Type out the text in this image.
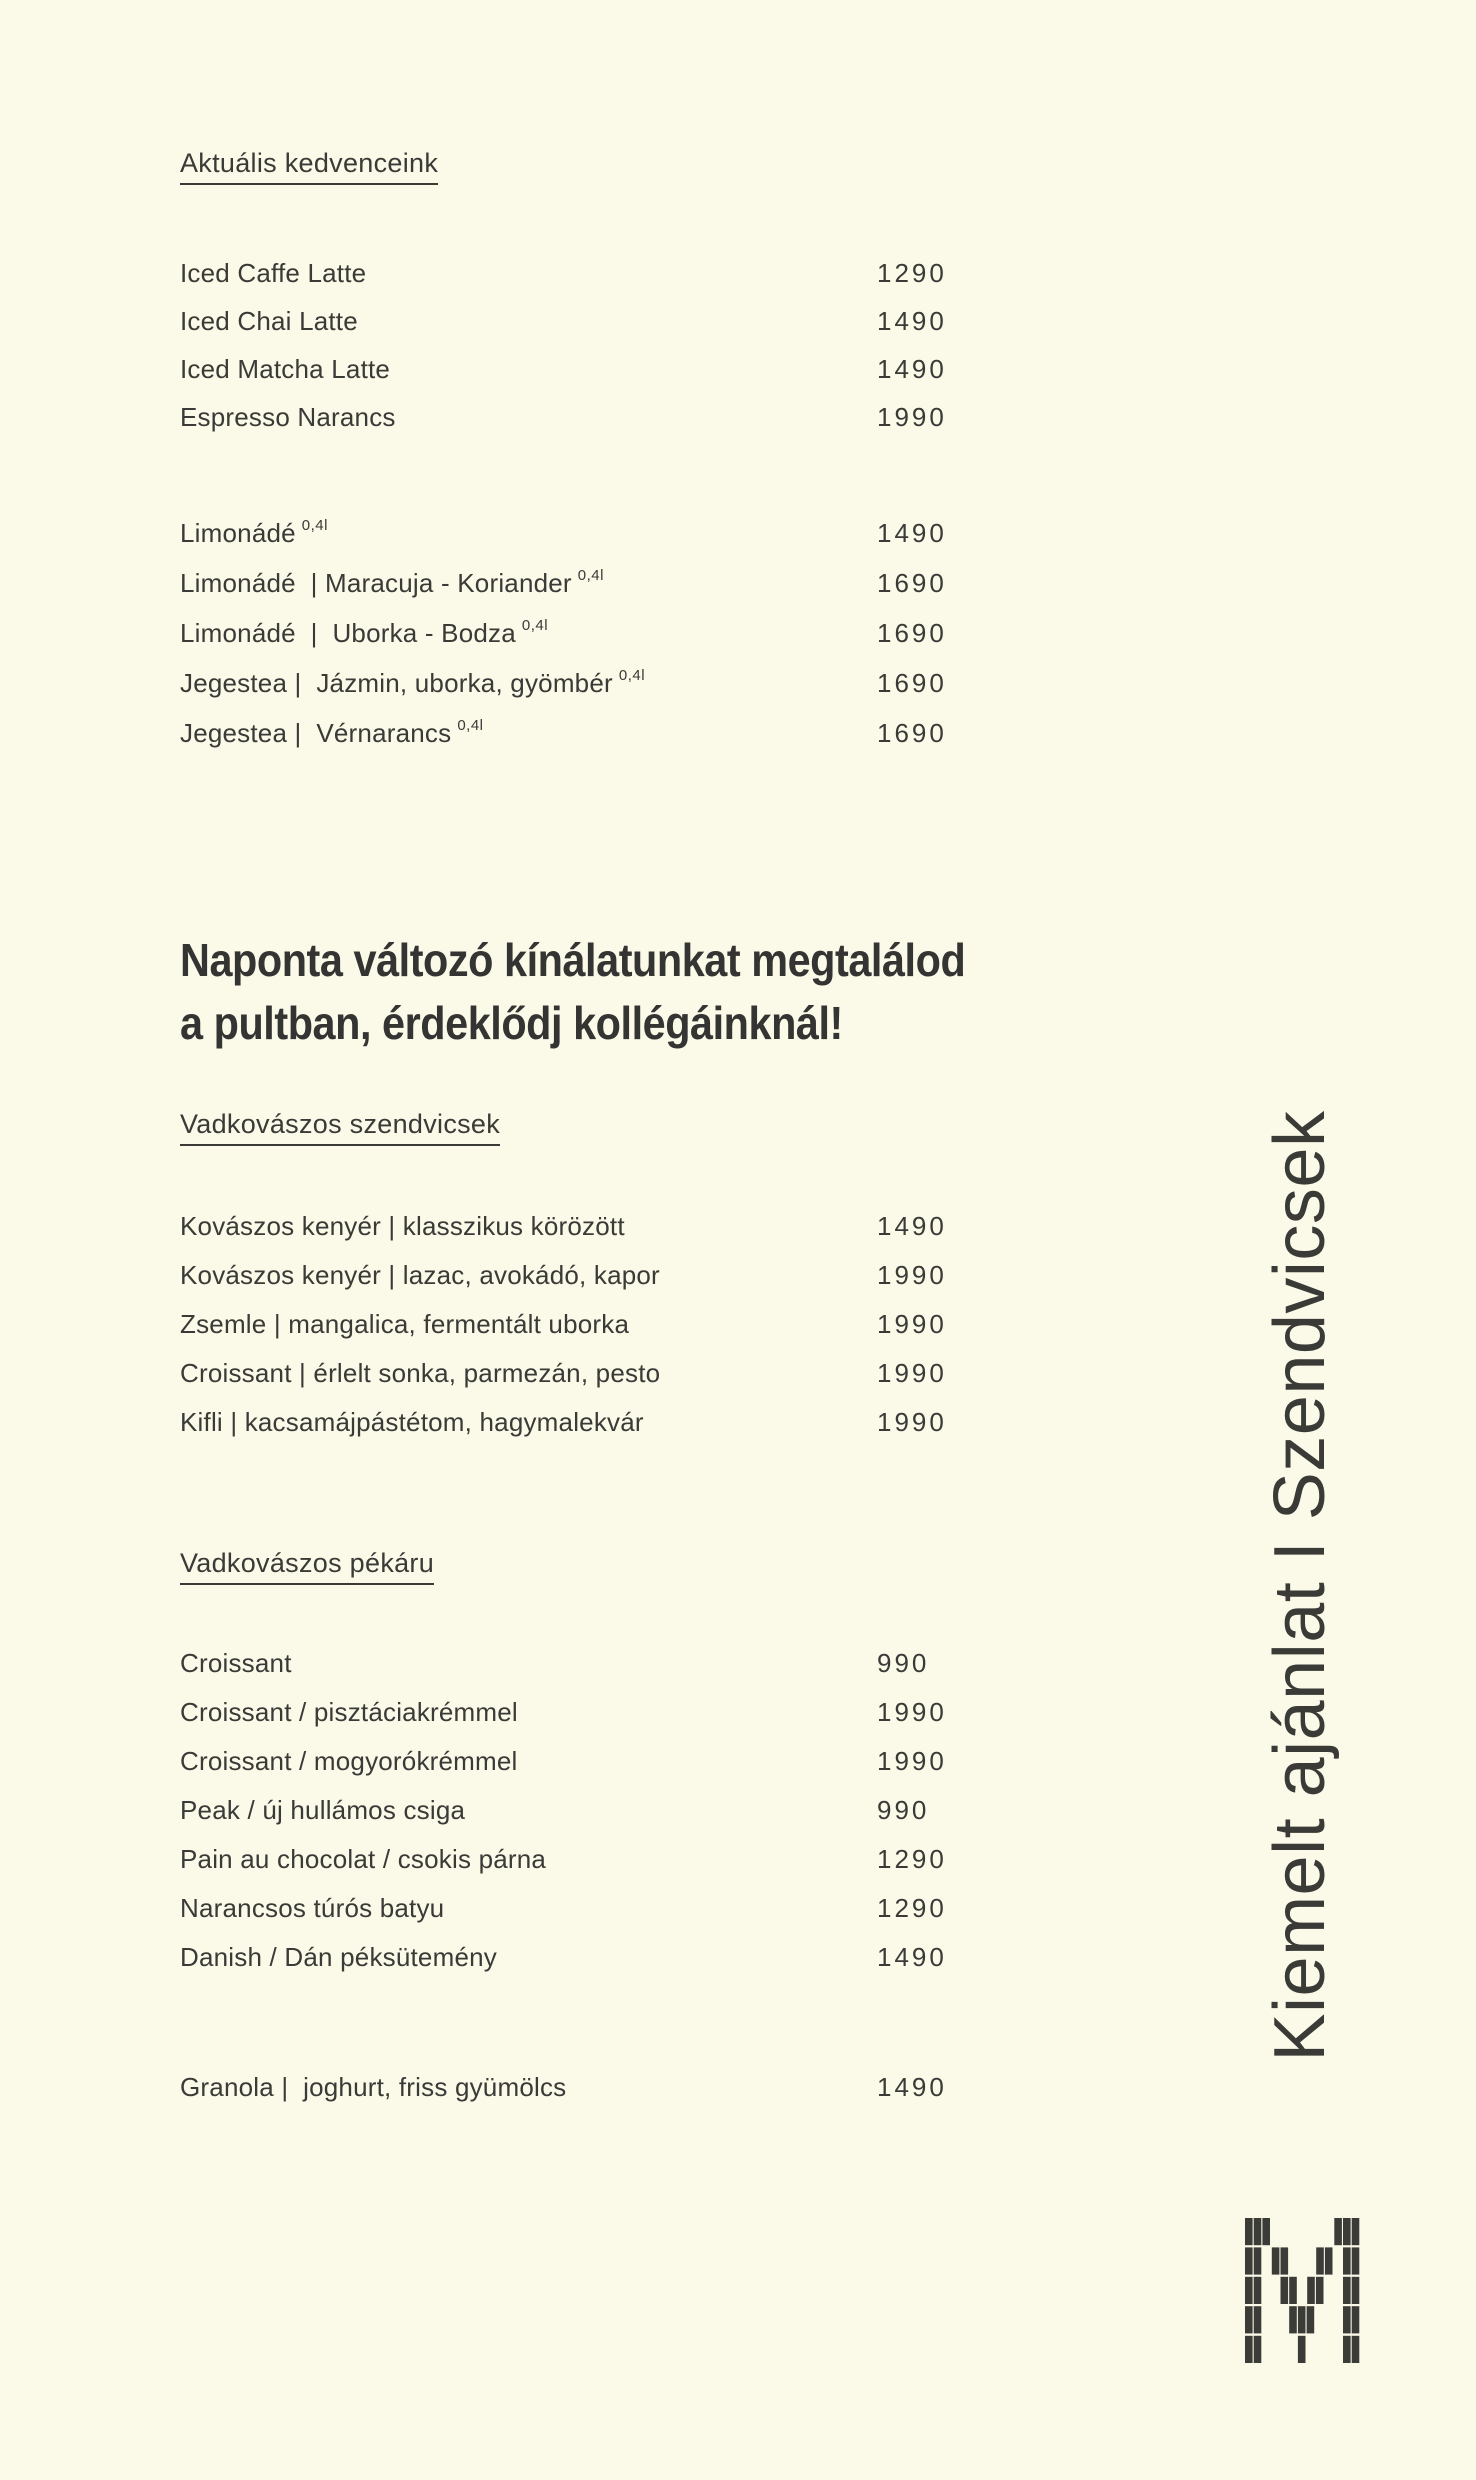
Aktuális kedvenceink
Iced Caffe Latte	1290
Iced Chai Latte	1490
Iced Matcha Latte	1490
Espresso Narancs	1990
Limonádé $^{0,4l}$	1490
Limonádé  | Maracuja - Koriander $^{0,4l}$	1690
Limonádé  |  Uborka - Bodza $^{0,4l}$	1690
Jegestea |  Jázmin, uborka, gyömbér $^{0,4l}$	1690
Jegestea |  Vérnarancs $^{0,4l}$	1690
Naponta változó kínálatunkat megtalálod
a pultban, érdeklődj kollégáinknál!
Vadkovászos szendvicsek
Kovászos kenyér | klasszikus körözött	1490
Kovászos kenyér | lazac, avokádó, kapor	1990
Zsemle | mangalica, fermentált uborka	1990
Croissant | érlelt sonka, parmezán, pesto	1990
Kifli | kacsamájpástétom, hagymalekvár	1990
Vadkovászos pékáru
Croissant	990
Croissant / pisztáciakrémmel	1990
Croissant / mogyorókrémmel	1990
Peak / új hullámos csiga	990
Pain au chocolat / csokis párna	1290
Narancsos túrós batyu	1290
Danish / Dán péksütemény	1490
Granola |  joghurt, friss gyümölcs	1490
Kiemelt ajánlat I Szendvicsek
